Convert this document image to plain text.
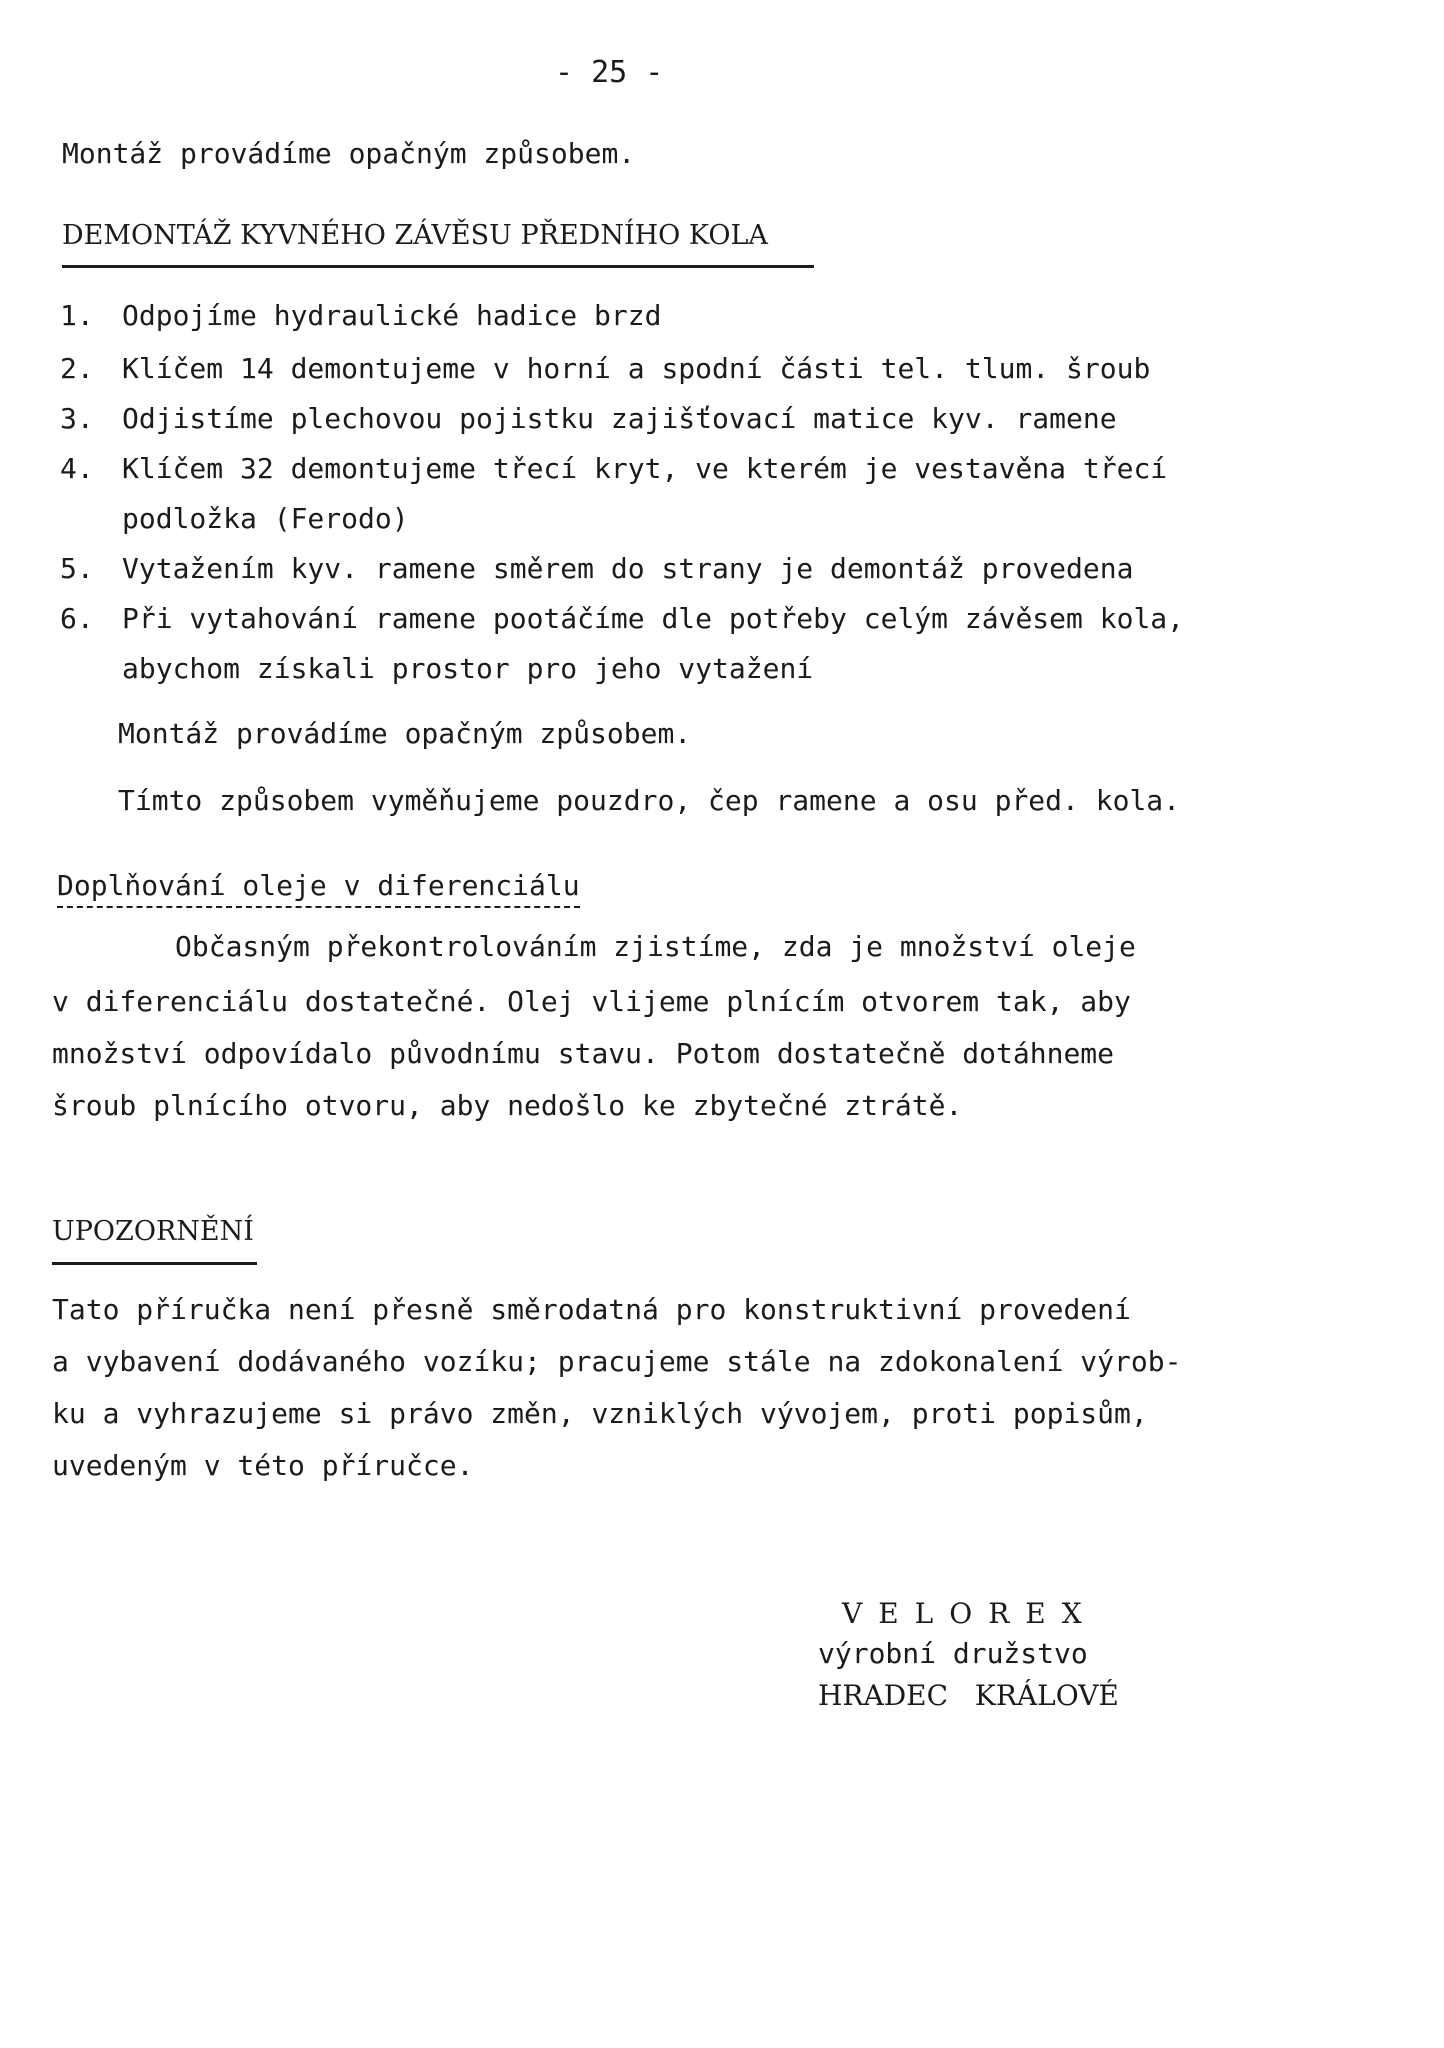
- 25 -
Montáž provádíme opačným způsobem.
DEMONTÁŽ KYVNÉHO ZÁVĚSU PŘEDNÍHO KOLA
1. Odpojíme hydraulické hadice brzd
2. Klíčem 14 demontujeme v horní a spodní části tel. tlum. šroub
3. Odjistíme plechovou pojistku zajišťovací matice kyv. ramene
4. Klíčem 32 demontujeme třecí kryt, ve kterém je vestavěna třecí
podložka (Ferodo)
5. Vytažením kyv. ramene směrem do strany je demontáž provedena
6. Při vytahování ramene pootáčíme dle potřeby celým závěsem kola,
abychom získali prostor pro jeho vytažení
Montáž provádíme opačným způsobem.
Tímto způsobem vyměňujeme pouzdro, čep ramene a osu před. kola.
Doplňování oleje v diferenciálu
Občasným překontrolováním zjistíme, zda je množství oleje
v diferenciálu dostatečné. Olej vlijeme plnícím otvorem tak, aby
množství odpovídalo původnímu stavu. Potom dostatečně dotáhneme
šroub plnícího otvoru, aby nedošlo ke zbytečné ztrátě.
UPOZORNĚNÍ
Tato příručka není přesně směrodatná pro konstruktivní provedení
a vybavení dodávaného vozíku; pracujeme stále na zdokonalení výrob-
ku a vyhrazujeme si právo změn, vzniklých vývojem, proti popisům,
uvedeným v této příručce.
VELOREX
výrobní družstvo
HRADEC KRÁLOVÉ
